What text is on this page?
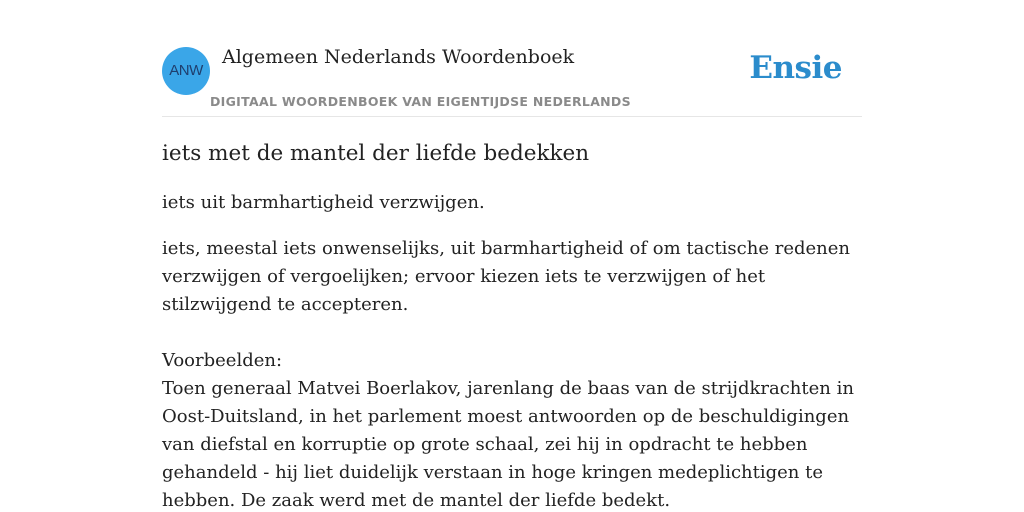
ANW
Algemeen Nederlands Woordenboek
DIGITAAL WOORDENBOEK VAN EIGENTIJDSE NEDERLANDS
Ensie
iets met de mantel der liefde bedekken

iets uit barmhartigheid verzwijgen.

iets, meestal iets onwenselijks, uit barmhartigheid of om tactische redenen verzwijgen of vergoelijken; ervoor kiezen iets te verzwijgen of het stilzwijgend te accepteren.

Voorbeelden:

Toen generaal Matvei Boerlakov, jarenlang de baas van de strijdkrachten in Oost-Duitsland, in het parlement moest antwoorden op de beschuldigingen van diefstal en korruptie op grote schaal, zei hij in opdracht te hebben gehandeld - hij liet duidelijk verstaan in hoge kringen medeplichtigen te hebben. De zaak werd met de mantel der liefde bedekt.
